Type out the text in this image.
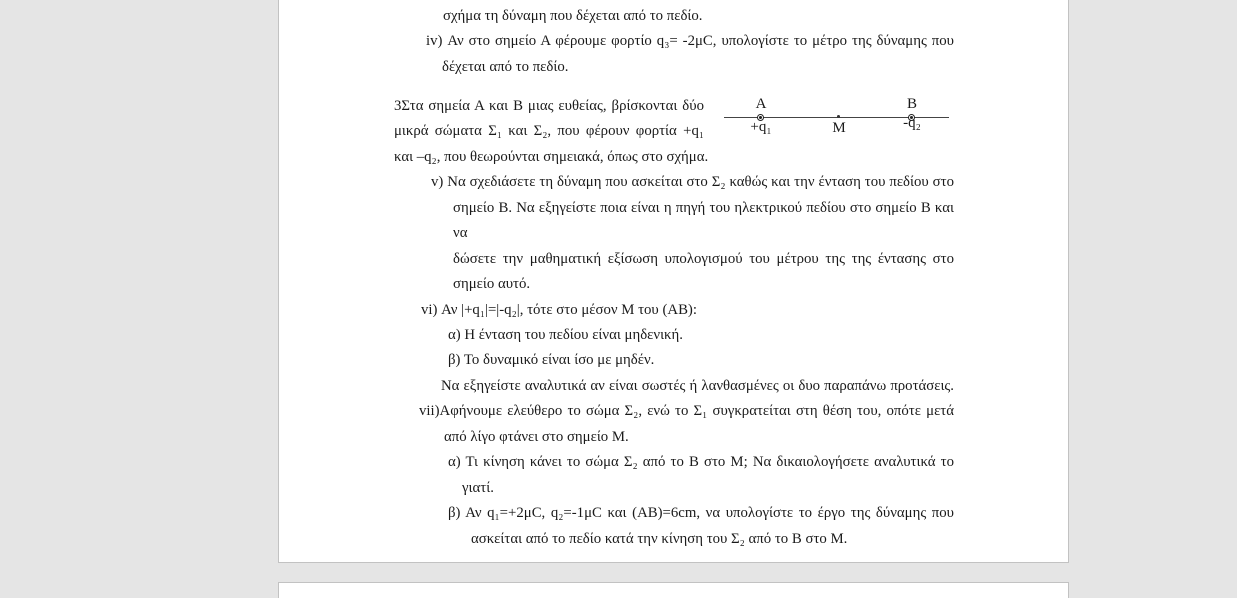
σχήμα τη δύναμη που δέχεται από το πεδίο.
iv) Αν στο σημείο Α φέρουμε φορτίο q₃= -2μC, υπολογίστε το μέτρο της δύναμης που
δέχεται από το πεδίο.
3Στα σημεία Α και Β μιας ευθείας, βρίσκονται δύο
μικρά σώματα Σ₁ και Σ₂, που φέρουν φορτία +q₁
και –q₂, που θεωρούνται σημειακά, όπως στο σχήμα.
v) Να σχεδιάσετε τη δύναμη που ασκείται στο Σ₂ καθώς και την ένταση του πεδίου στο
σημείο Β. Να εξηγείστε ποια είναι η πηγή του ηλεκτρικού πεδίου στο σημείο Β και να
δώσετε την μαθηματική εξίσωση υπολογισμού του μέτρου της της έντασης στο
σημείο αυτό.
vi) Αν |+q₁|=|-q₂|, τότε στο μέσον Μ του (ΑΒ):
α) Η ένταση του πεδίου είναι μηδενική.
β) Το δυναμικό είναι ίσο με μηδέν.
Να εξηγείστε αναλυτικά αν είναι σωστές ή λανθασμένες οι δυο παραπάνω προτάσεις.
vii)Αφήνουμε ελεύθερο το σώμα Σ₂, ενώ το Σ₁ συγκρατείται στη θέση του, οπότε μετά
από λίγο φτάνει στο σημείο Μ.
α) Τι κίνηση κάνει το σώμα Σ₂ από το Β στο Μ; Να δικαιολογήσετε αναλυτικά το
γιατί.
β) Αν q₁=+2μC, q₂=-1μC και (ΑΒ)=6cm, να υπολογίστε το έργο της δύναμης που
ασκείται από το πεδίο κατά την κίνηση του Σ₂ από το Β στο Μ.
A	B
+q₁	M	-q₂
